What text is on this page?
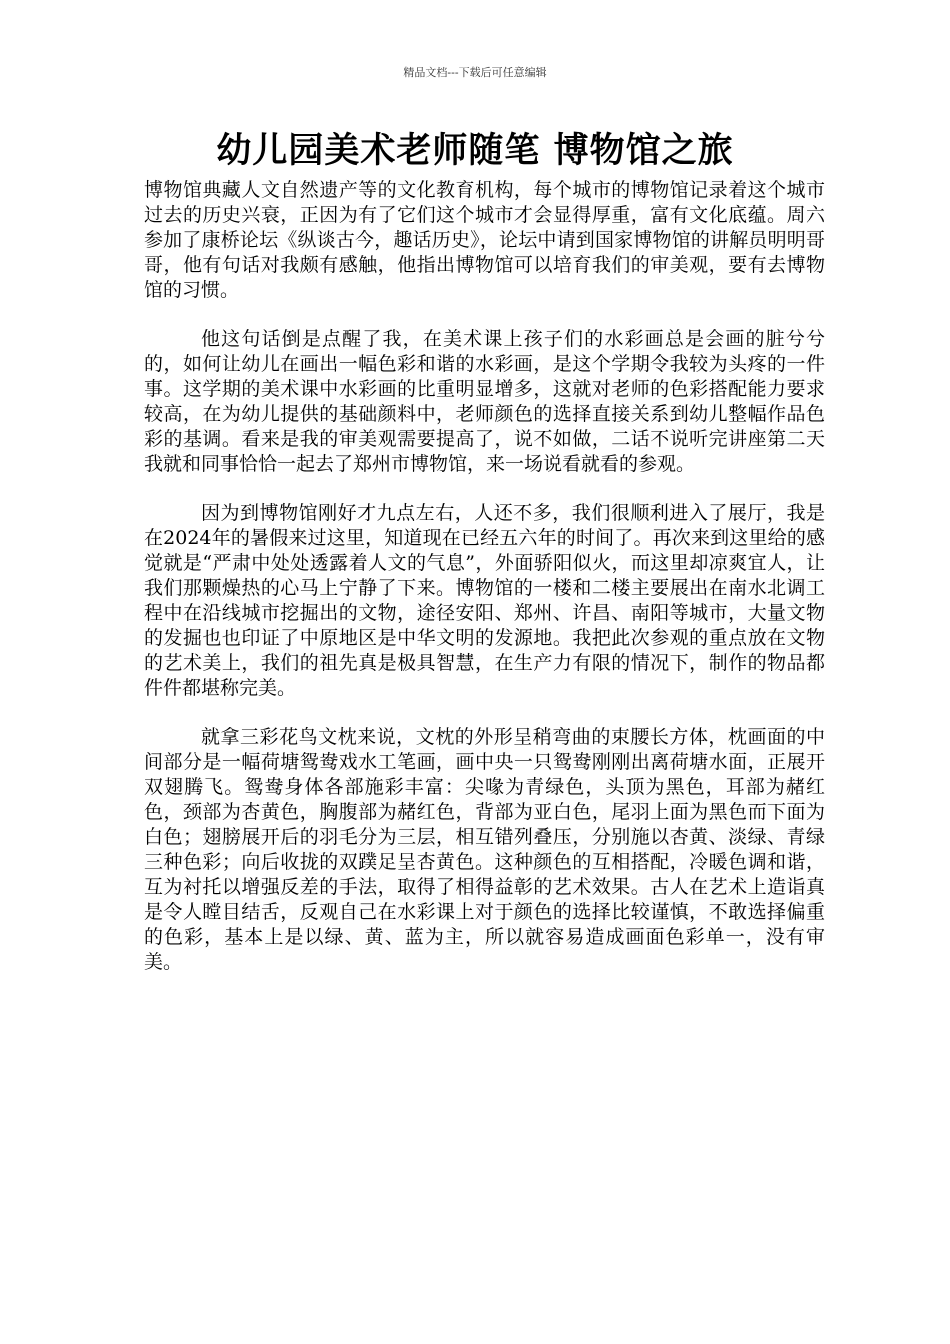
精品文档---下载后可任意编辑
幼儿园美术老师随笔 博物馆之旅

博物馆典藏人文自然遗产等的文化教育机构，每个城市的博物馆记录着这个城市过去的历史兴衰，正因为有了它们这个城市才会显得厚重，富有文化底蕴。周六参加了康桥论坛《纵谈古今，趣话历史》，论坛中请到国家博物馆的讲解员明明哥哥，他有句话对我颇有感触，他指出博物馆可以培育我们的审美观，要有去博物馆的习惯。

他这句话倒是点醒了我，在美术课上孩子们的水彩画总是会画的脏兮兮的，如何让幼儿在画出一幅色彩和谐的水彩画，是这个学期令我较为头疼的一件事。这学期的美术课中水彩画的比重明显增多，这就对老师的色彩搭配能力要求较高，在为幼儿提供的基础颜料中，老师颜色的选择直接关系到幼儿整幅作品色彩的基调。看来是我的审美观需要提高了，说不如做，二话不说听完讲座第二天我就和同事恰恰一起去了郑州市博物馆，来一场说看就看的参观。

因为到博物馆刚好才九点左右，人还不多，我们很顺利进入了展厅，我是在2024年的暑假来过这里，知道现在已经五六年的时间了。再次来到这里给的感觉就是“严肃中处处透露着人文的气息”，外面骄阳似火，而这里却凉爽宜人，让我们那颗燥热的心马上宁静了下来。博物馆的一楼和二楼主要展出在南水北调工程中在沿线城市挖掘出的文物，途径安阳、郑州、许昌、南阳等城市，大量文物的发掘也也印证了中原地区是中华文明的发源地。我把此次参观的重点放在文物的艺术美上，我们的祖先真是极具智慧，在生产力有限的情况下，制作的物品都件件都堪称完美。

就拿三彩花鸟文枕来说，文枕的外形呈稍弯曲的束腰长方体，枕画面的中间部分是一幅荷塘鸳鸯戏水工笔画，画中央一只鸳鸯刚刚出离荷塘水面，正展开双翅腾飞。鸳鸯身体各部施彩丰富：尖喙为青绿色，头顶为黑色，耳部为赭红色，颈部为杏黄色，胸腹部为赭红色，背部为亚白色，尾羽上面为黑色而下面为白色；翅膀展开后的羽毛分为三层，相互错列叠压，分别施以杏黄、淡绿、青绿三种色彩；向后收拢的双蹼足呈杏黄色。这种颜色的互相搭配，冷暖色调和谐，互为衬托以增强反差的手法，取得了相得益彰的艺术效果。古人在艺术上造诣真是令人瞠目结舌，反观自己在水彩课上对于颜色的选择比较谨慎，不敢选择偏重的色彩，基本上是以绿、黄、蓝为主，所以就容易造成画面色彩单一，没有审美。
